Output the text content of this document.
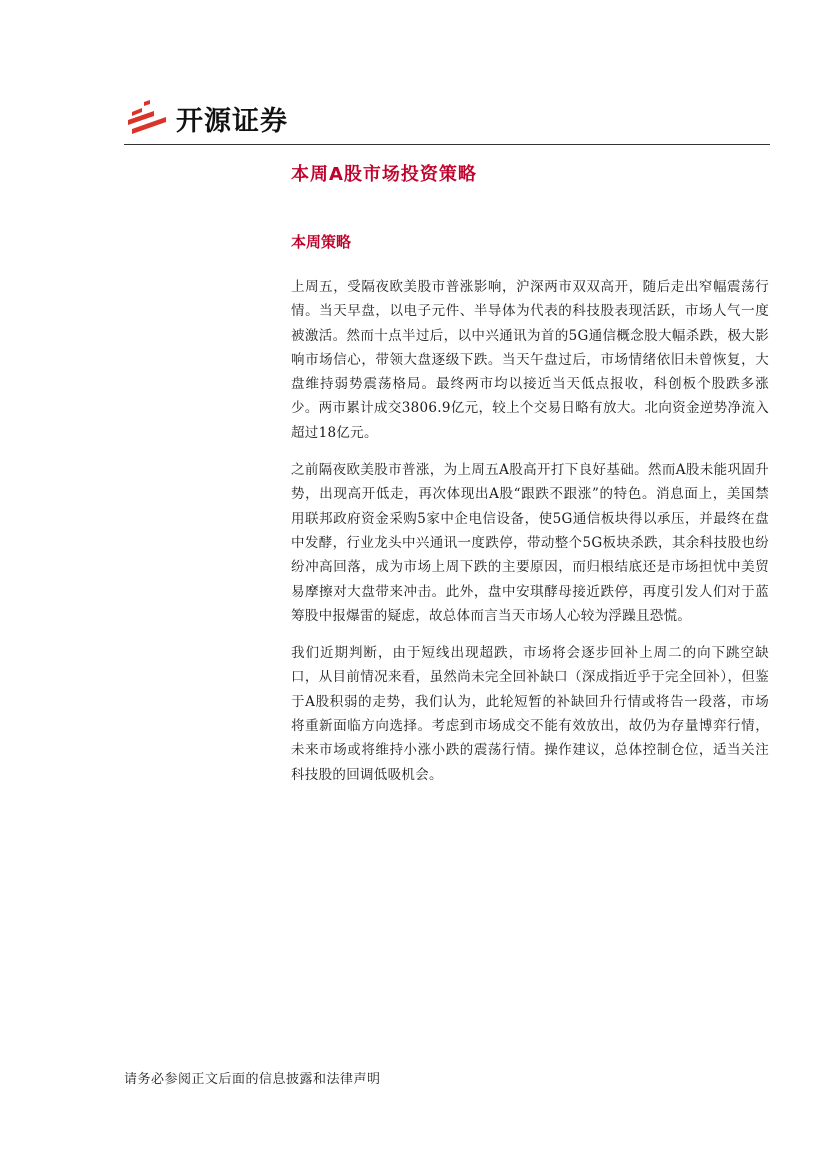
开源证券
本周A股市场投资策略
本周策略

上周五，受隔夜欧美股市普涨影响，沪深两市双双高开，随后走出窄幅震荡行情。当天早盘，以电子元件、半导体为代表的科技股表现活跃，市场人气一度被激活。然而十点半过后，以中兴通讯为首的5G通信概念股大幅杀跌，极大影响市场信心，带领大盘逐级下跌。当天午盘过后，市场情绪依旧未曾恢复，大盘维持弱势震荡格局。最终两市均以接近当天低点报收，科创板个股跌多涨少。两市累计成交3806.9亿元，较上个交易日略有放大。北向资金逆势净流入超过18亿元。

之前隔夜欧美股市普涨，为上周五A股高开打下良好基础。然而A股未能巩固升势，出现高开低走，再次体现出A股“跟跌不跟涨”的特色。消息面上，美国禁用联邦政府资金采购5家中企电信设备，使5G通信板块得以承压，并最终在盘中发酵，行业龙头中兴通讯一度跌停，带动整个5G板块杀跌，其余科技股也纷纷冲高回落，成为市场上周下跌的主要原因，而归根结底还是市场担忧中美贸易摩擦对大盘带来冲击。此外，盘中安琪酵母接近跌停，再度引发人们对于蓝筹股中报爆雷的疑虑，故总体而言当天市场人心较为浮躁且恐慌。

我们近期判断，由于短线出现超跌，市场将会逐步回补上周二的向下跳空缺口，从目前情况来看，虽然尚未完全回补缺口（深成指近乎于完全回补），但鉴于A股积弱的走势，我们认为，此轮短暂的补缺回升行情或将告一段落，市场将重新面临方向选择。考虑到市场成交不能有效放出，故仍为存量博弈行情，未来市场或将维持小涨小跌的震荡行情。操作建议，总体控制仓位，适当关注科技股的回调低吸机会。

请务必参阅正文后面的信息披露和法律声明
